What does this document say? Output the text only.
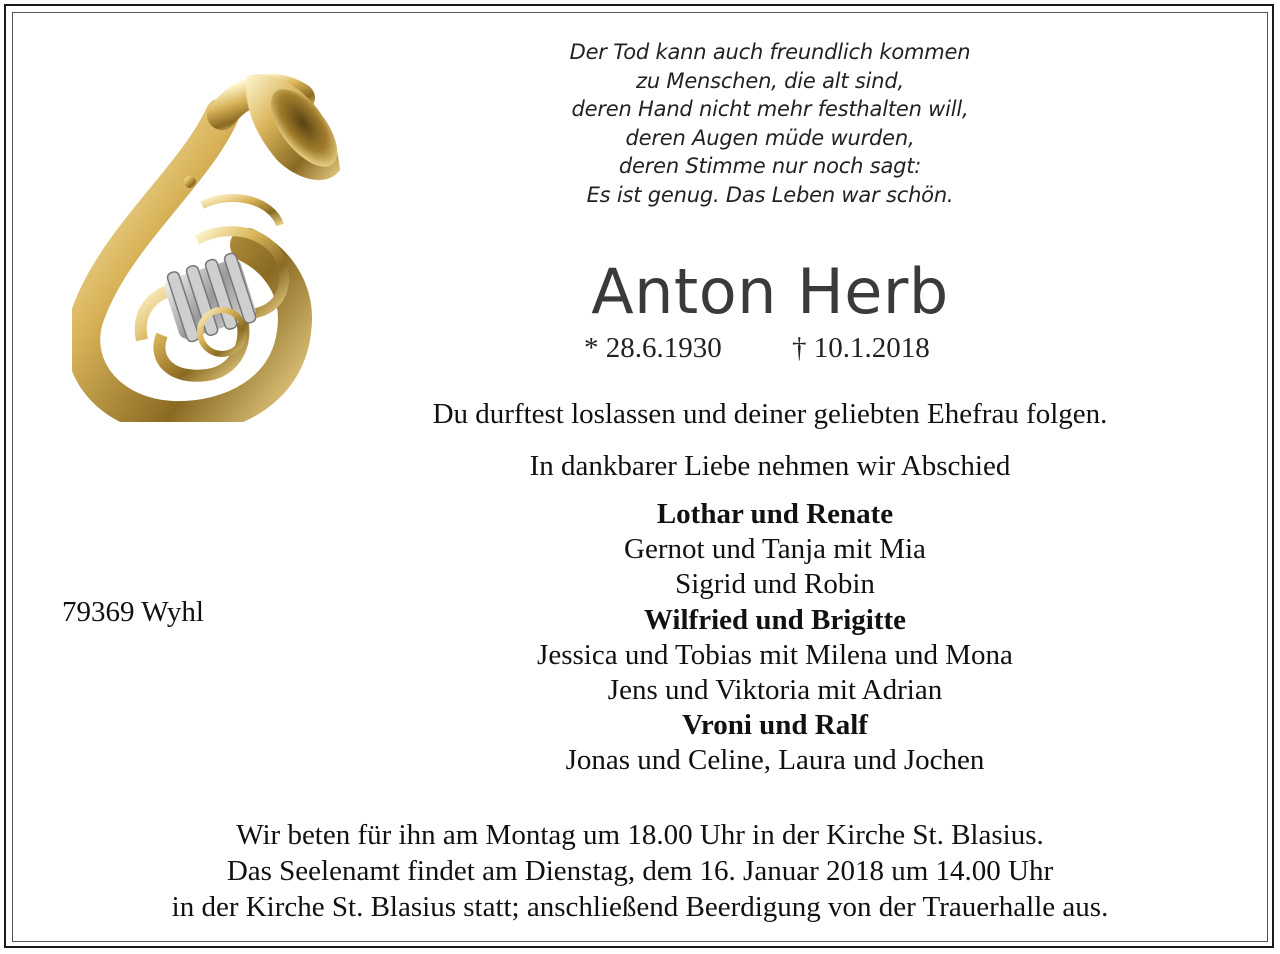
Der Tod kann auch freundlich kommen
zu Menschen, die alt sind,
deren Hand nicht mehr festhalten will,
deren Augen müde wurden,
deren Stimme nur noch sagt:
Es ist genug. Das Leben war schön.
Anton Herb
* 28.6.1930 † 10.1.2018
Du durftest loslassen und deiner geliebten Ehefrau folgen.
In dankbarer Liebe nehmen wir Abschied
Lothar und Renate
Gernot und Tanja mit Mia
Sigrid und Robin
Wilfried und Brigitte
Jessica und Tobias mit Milena und Mona
Jens und Viktoria mit Adrian
Vroni und Ralf
Jonas und Celine, Laura und Jochen
79369 Wyhl
Wir beten für ihn am Montag um 18.00 Uhr in der Kirche St. Blasius.
Das Seelenamt findet am Dienstag, dem 16. Januar 2018 um 14.00 Uhr
in der Kirche St. Blasius statt; anschließend Beerdigung von der Trauerhalle aus.
